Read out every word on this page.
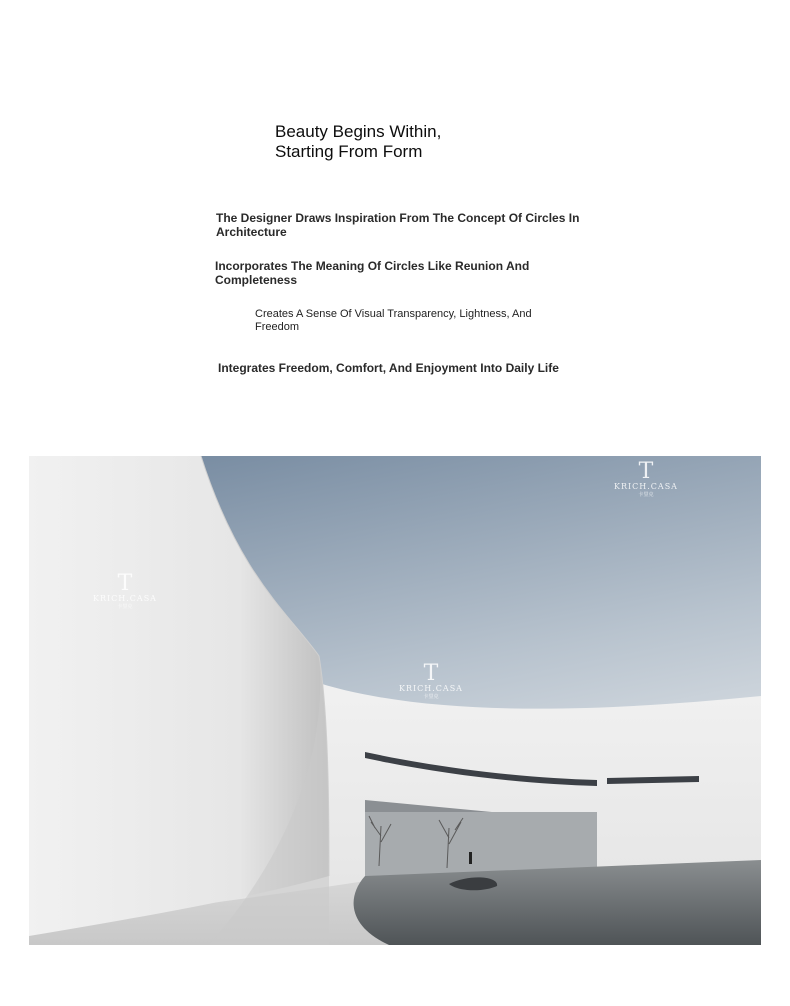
Beauty Begins Within,
Starting From Form
The Designer Draws Inspiration From The Concept Of Circles In Architecture
Incorporates The Meaning Of Circles Like Reunion And Completeness
Creates A Sense Of Visual Transparency, Lightness, And Freedom
Integrates Freedom, Comfort, And Enjoyment Into Daily Life
T
KRICH.CASA
卡里克
T
KRICH.CASA
卡里克
T
KRICH.CASA
卡里克
